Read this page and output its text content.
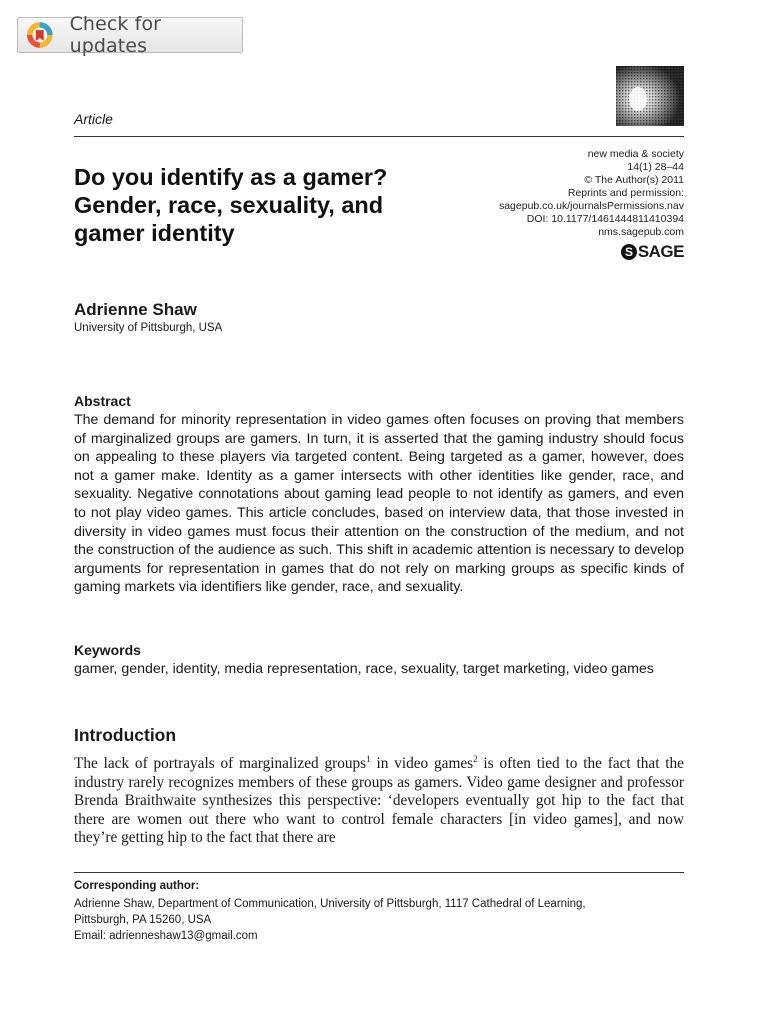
Check for updates
Article
new media & society
14(1) 28–44
© The Author(s) 2011
Reprints and permission:
sagepub.co.uk/journalsPermissions.nav
DOI: 10.1177/1461444811410394
nms.sagepub.com
S SAGE
Do you identify as a gamer?
Gender, race, sexuality, and
gamer identity
Adrienne Shaw
University of Pittsburgh, USA
Abstract

The demand for minority representation in video games often focuses on proving that members of marginalized groups are gamers. In turn, it is asserted that the gaming industry should focus on appealing to these players via targeted content. Being targeted as a gamer, however, does not a gamer make. Identity as a gamer intersects with other identities like gender, race, and sexuality. Negative connotations about gaming lead people to not identify as gamers, and even to not play video games. This article concludes, based on interview data, that those invested in diversity in video games must focus their attention on the construction of the medium, and not the construction of the audience as such. This shift in academic attention is necessary to develop arguments for representation in games that do not rely on marking groups as specific kinds of gaming markets via identifiers like gender, race, and sexuality.

Keywords

gamer, gender, identity, media representation, race, sexuality, target marketing, video games

Introduction

The lack of portrayals of marginalized groups$^1$ in video games$^2$ is often tied to the fact that the industry rarely recognizes members of these groups as gamers. Video game designer and professor Brenda Braithwaite synthesizes this perspective: ‘developers eventually got hip to the fact that there are women out there who want to control female characters [in video games], and now they’re getting hip to the fact that there are

Corresponding author:
Adrienne Shaw, Department of Communication, University of Pittsburgh, 1117 Cathedral of Learning,
Pittsburgh, PA 15260, USA
Email: adrienneshaw13@gmail.com
